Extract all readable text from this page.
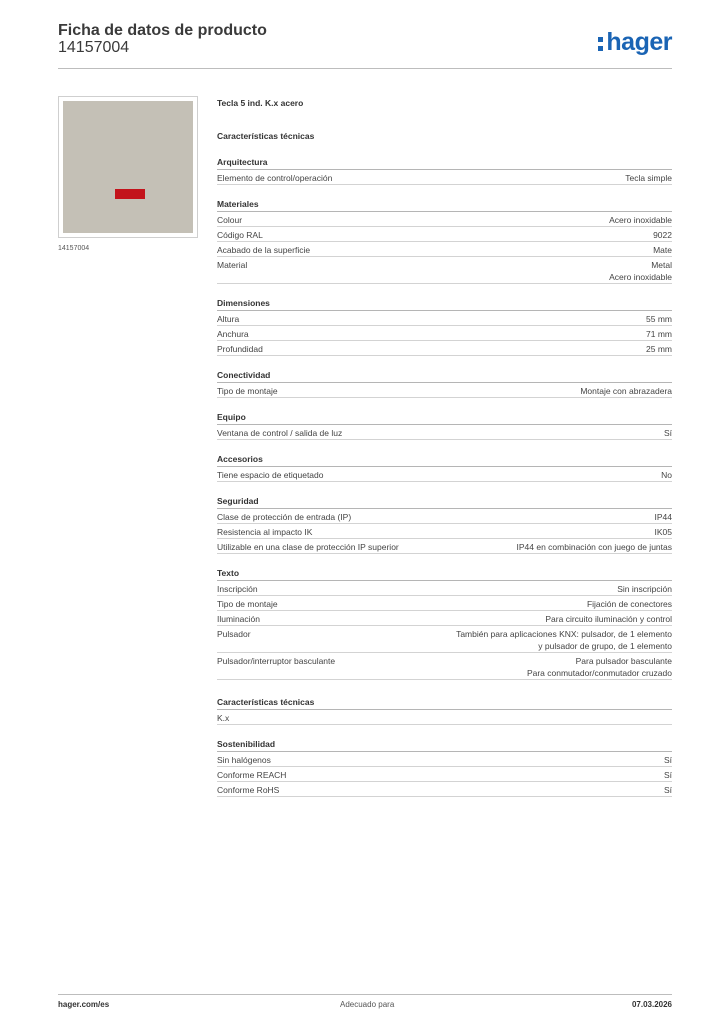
Ficha de datos de producto
14157004	hager
14157004
Tecla 5 ind. K.x acero
Características técnicas
Arquitectura
Elemento de control/operación	Tecla simple
Materiales
Colour	Acero inoxidable
Código RAL	9022
Acabado de la superficie	Mate
Material	Metal
Acero inoxidable
Dimensiones
Altura	55 mm
Anchura	71 mm
Profundidad	25 mm
Conectividad
Tipo de montaje	Montaje con abrazadera
Equipo
Ventana de control / salida de luz	Sí
Accesorios
Tiene espacio de etiquetado	No
Seguridad
Clase de protección de entrada (IP)	IP44
Resistencia al impacto IK	IK05
Utilizable en una clase de protección IP superior	IP44 en combinación con juego de juntas
Texto
Inscripción	Sin inscripción
Tipo de montaje	Fijación de conectores
Iluminación	Para circuito iluminación y control
Pulsador	También para aplicaciones KNX: pulsador, de 1 elemento
y pulsador de grupo, de 1 elemento
Pulsador/interruptor basculante	Para pulsador basculante
Para conmutador/conmutador cruzado
Características técnicas
K.x
Sostenibilidad
Sin halógenos	Sí
Conforme REACH	Sí
Conforme RoHS	Sí
hager.com/es	Adecuado para	07.03.2026
